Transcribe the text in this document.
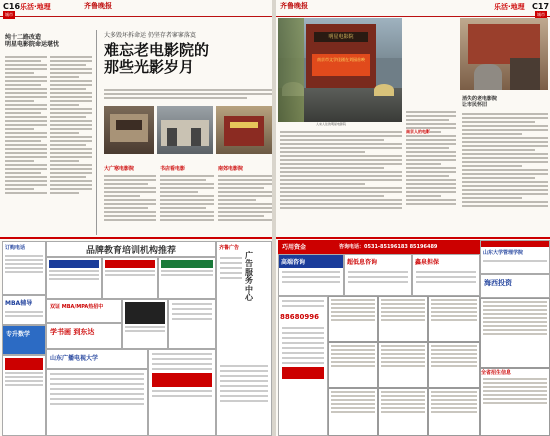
C16 乐活·地理	齐鲁晚报
城市
纯十二路改造
明星电影院命运堪忧
大多毁坏拆命运 仍坚存者寥寥落寞
难忘老电影院的
那些光影岁月

大广寒电影院	书店看电影	南郊电影院
订购电话
MBA辅导
专升数学
品牌教育培训机构推荐
双证 MBA/MPA热招中
学书画 到东达
山东广播电视大学
齐鲁广告
广告服务中心
齐鲁晚报	乐活·地理 C17
城市
明星电影院
南京市文学佳剧在刘园首映
人来人往的明星电影院
消失的老电影院
让市民怀旧
南京人的电影
巧用资金	咨询电话：0531-85196183 85196489
高端咨询	超低息咨询	鑫泉担保
山东大学管理学院
海西投资
88680996
全省招生信息
